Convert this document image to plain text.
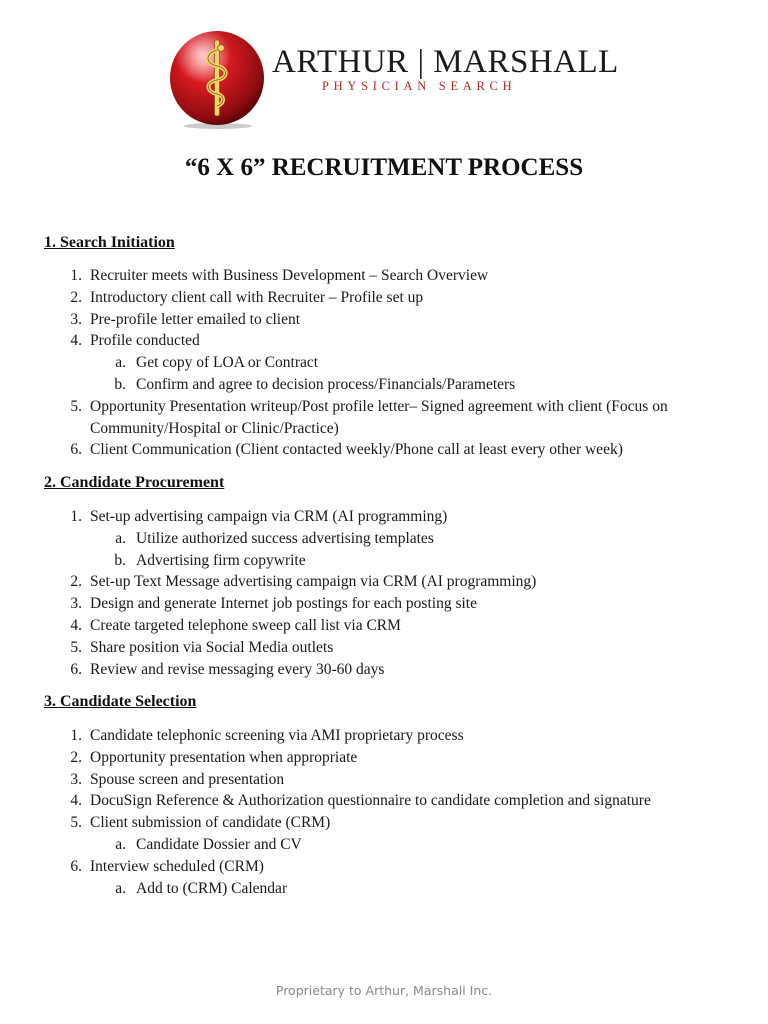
ARTHUR | MARSHALL
PHYSICIAN SEARCH
“6 X 6” RECRUITMENT PROCESS
1. Search Initiation
1. Recruiter meets with Business Development – Search Overview
2. Introductory client call with Recruiter – Profile set up
3. Pre-profile letter emailed to client
4. Profile conducted
a. Get copy of LOA or Contract
b. Confirm and agree to decision process/Financials/Parameters
5. Opportunity Presentation writeup/Post profile letter– Signed agreement with client (Focus on Community/Hospital or Clinic/Practice)
6. Client Communication (Client contacted weekly/Phone call at least every other week)
2. Candidate Procurement
1. Set-up advertising campaign via CRM (AI programming)
a. Utilize authorized success advertising templates
b. Advertising firm copywrite
2. Set-up Text Message advertising campaign via CRM (AI programming)
3. Design and generate Internet job postings for each posting site
4. Create targeted telephone sweep call list via CRM
5. Share position via Social Media outlets
6. Review and revise messaging every 30-60 days
3. Candidate Selection
1. Candidate telephonic screening via AMI proprietary process
2. Opportunity presentation when appropriate
3. Spouse screen and presentation
4. DocuSign Reference & Authorization questionnaire to candidate completion and signature
5. Client submission of candidate (CRM)
a. Candidate Dossier and CV
6. Interview scheduled (CRM)
a. Add to (CRM) Calendar
Proprietary to Arthur, Marshall Inc.
